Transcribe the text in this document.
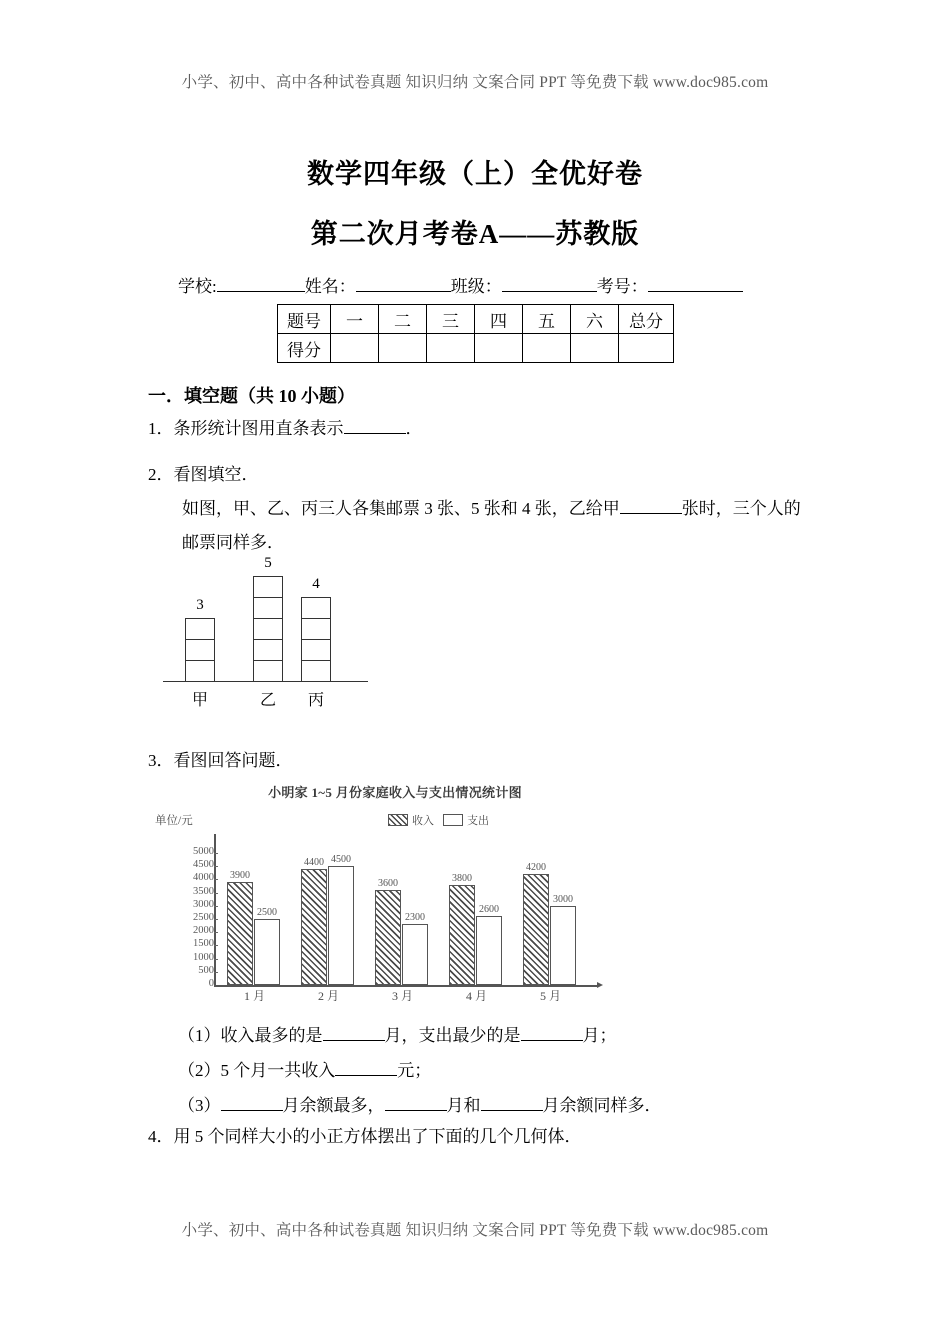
小学、初中、高中各种试卷真题 知识归纳 文案合同 PPT 等免费下载 www.doc985.com
数学四年级（上）全优好卷
第二次月考卷A——苏教版
学校:	姓名：	班级：	考号：
题号	一	二	三	四	五	六	总分
得分							
一．填空题（共 10 小题）
1．条形统计图用直条表示	．
2．看图填空．
如图，甲、乙、丙三人各集邮票 3 张、5 张和 4 张，乙给甲	张时，三个人的邮票同样多．
3
甲
5
乙
4
丙
3．看图回答问题．
小明家 1~5 月份家庭收入与支出情况统计图
单位/元	收入	支出
5000
4500
4000
3500
3000
2500
2000
1500
1000
500
0
3900
2500
1 月
4400 4500
2 月
3600
2300
3 月
3800
2600
4 月
4200
3000
5 月
（1）收入最多的是	月，支出最少的是	月；
（2）5 个月一共收入	元；
（3）	月余额最多，	月和	月余额同样多．
4．用 5 个同样大小的小正方体摆出了下面的几个几何体．
小学、初中、高中各种试卷真题 知识归纳 文案合同 PPT 等免费下载 www.doc985.com
